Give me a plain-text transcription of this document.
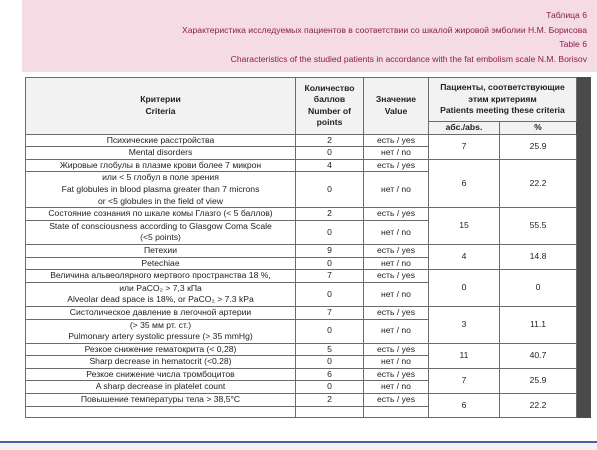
Таблица 6
Характеристика исследуемых пациентов в соответствии со шкалой жировой эмболии Н.М. Борисова
Table 6
Characteristics of the studied patients in accordance with the fat embolism scale N.M. Borisov
Критерии
Criteria	Количество
баллов
Number of
points	Значение
Value	Пациенты, соответствующие
этим критериям
Patients meeting these criteria		

			абс./abs.	%	

Психические расстройства	2	есть / yes	7	25.9	

Mental disorders	0	нет / no			

Жировые глобулы в плазме крови более 7 микрон	4	есть / yes	6	22.2	

или < 5 глобул в поле зрения
Fat globules in blood plasma greater than 7 microns
or <5 globules in the field of view	0	нет / no			

Состояние сознания по шкале комы Глазго (< 5 баллов)	2	есть / yes	15	55.5	

State of consciousness according to Glasgow Coma Scale
(<5 points)	0	нет / no			

Петехии	9	есть / yes	4	14.8	

Petechiae	0	нет / no			

Величина альвеолярного мертвого пространства 18 %,	7	есть / yes	0	0	

или PaCO₂ > 7,3 кПа
Alveolar dead space is 18%, or PaCO₂ > 7.3 kPa	0	нет / no			

Систолическое давление в легочной артерии	7	есть / yes	3	11.1	

(> 35 мм рт. ст.)
Pulmonary artery systolic pressure (> 35 mmHg)	0	нет / no			

Резкое снижение гематокрита (< 0,28)	5	есть / yes	11	40.7	

Sharp decrease in hematocrit (<0.28)	0	нет / no			

Резкое снижение числа тромбоцитов	6	есть / yes	7	25.9	

A sharp decrease in platelet count	0	нет / no			

Повышение температуры тела > 38,5°С	2	есть / yes	6	22.2	
